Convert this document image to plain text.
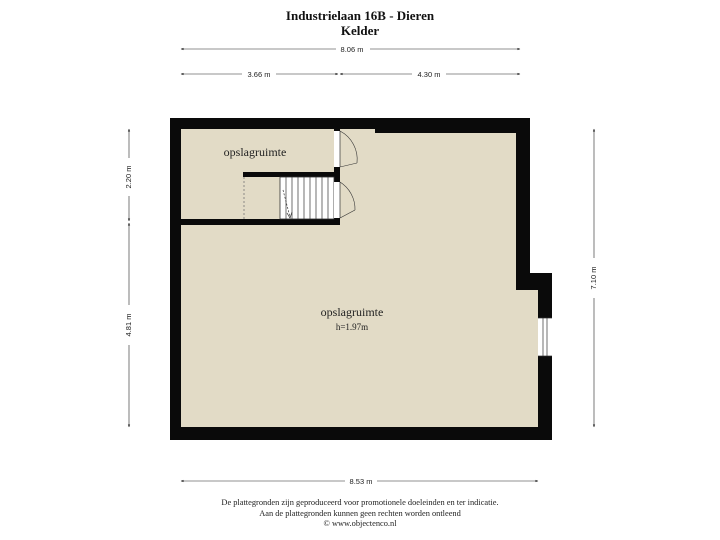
Industrielaan 16B - Dieren
Kelder
opslagruimte
opslagruimte
h=1.97m
8.06 m
3.66 m	4.30 m
2.20 m
4.81 m
7.10 m
8.53 m
De plattegronden zijn geproduceerd voor promotionele doeleinden en ter indicatie.
Aan de plattegronden kunnen geen rechten worden ontleend
© www.objectenco.nl
